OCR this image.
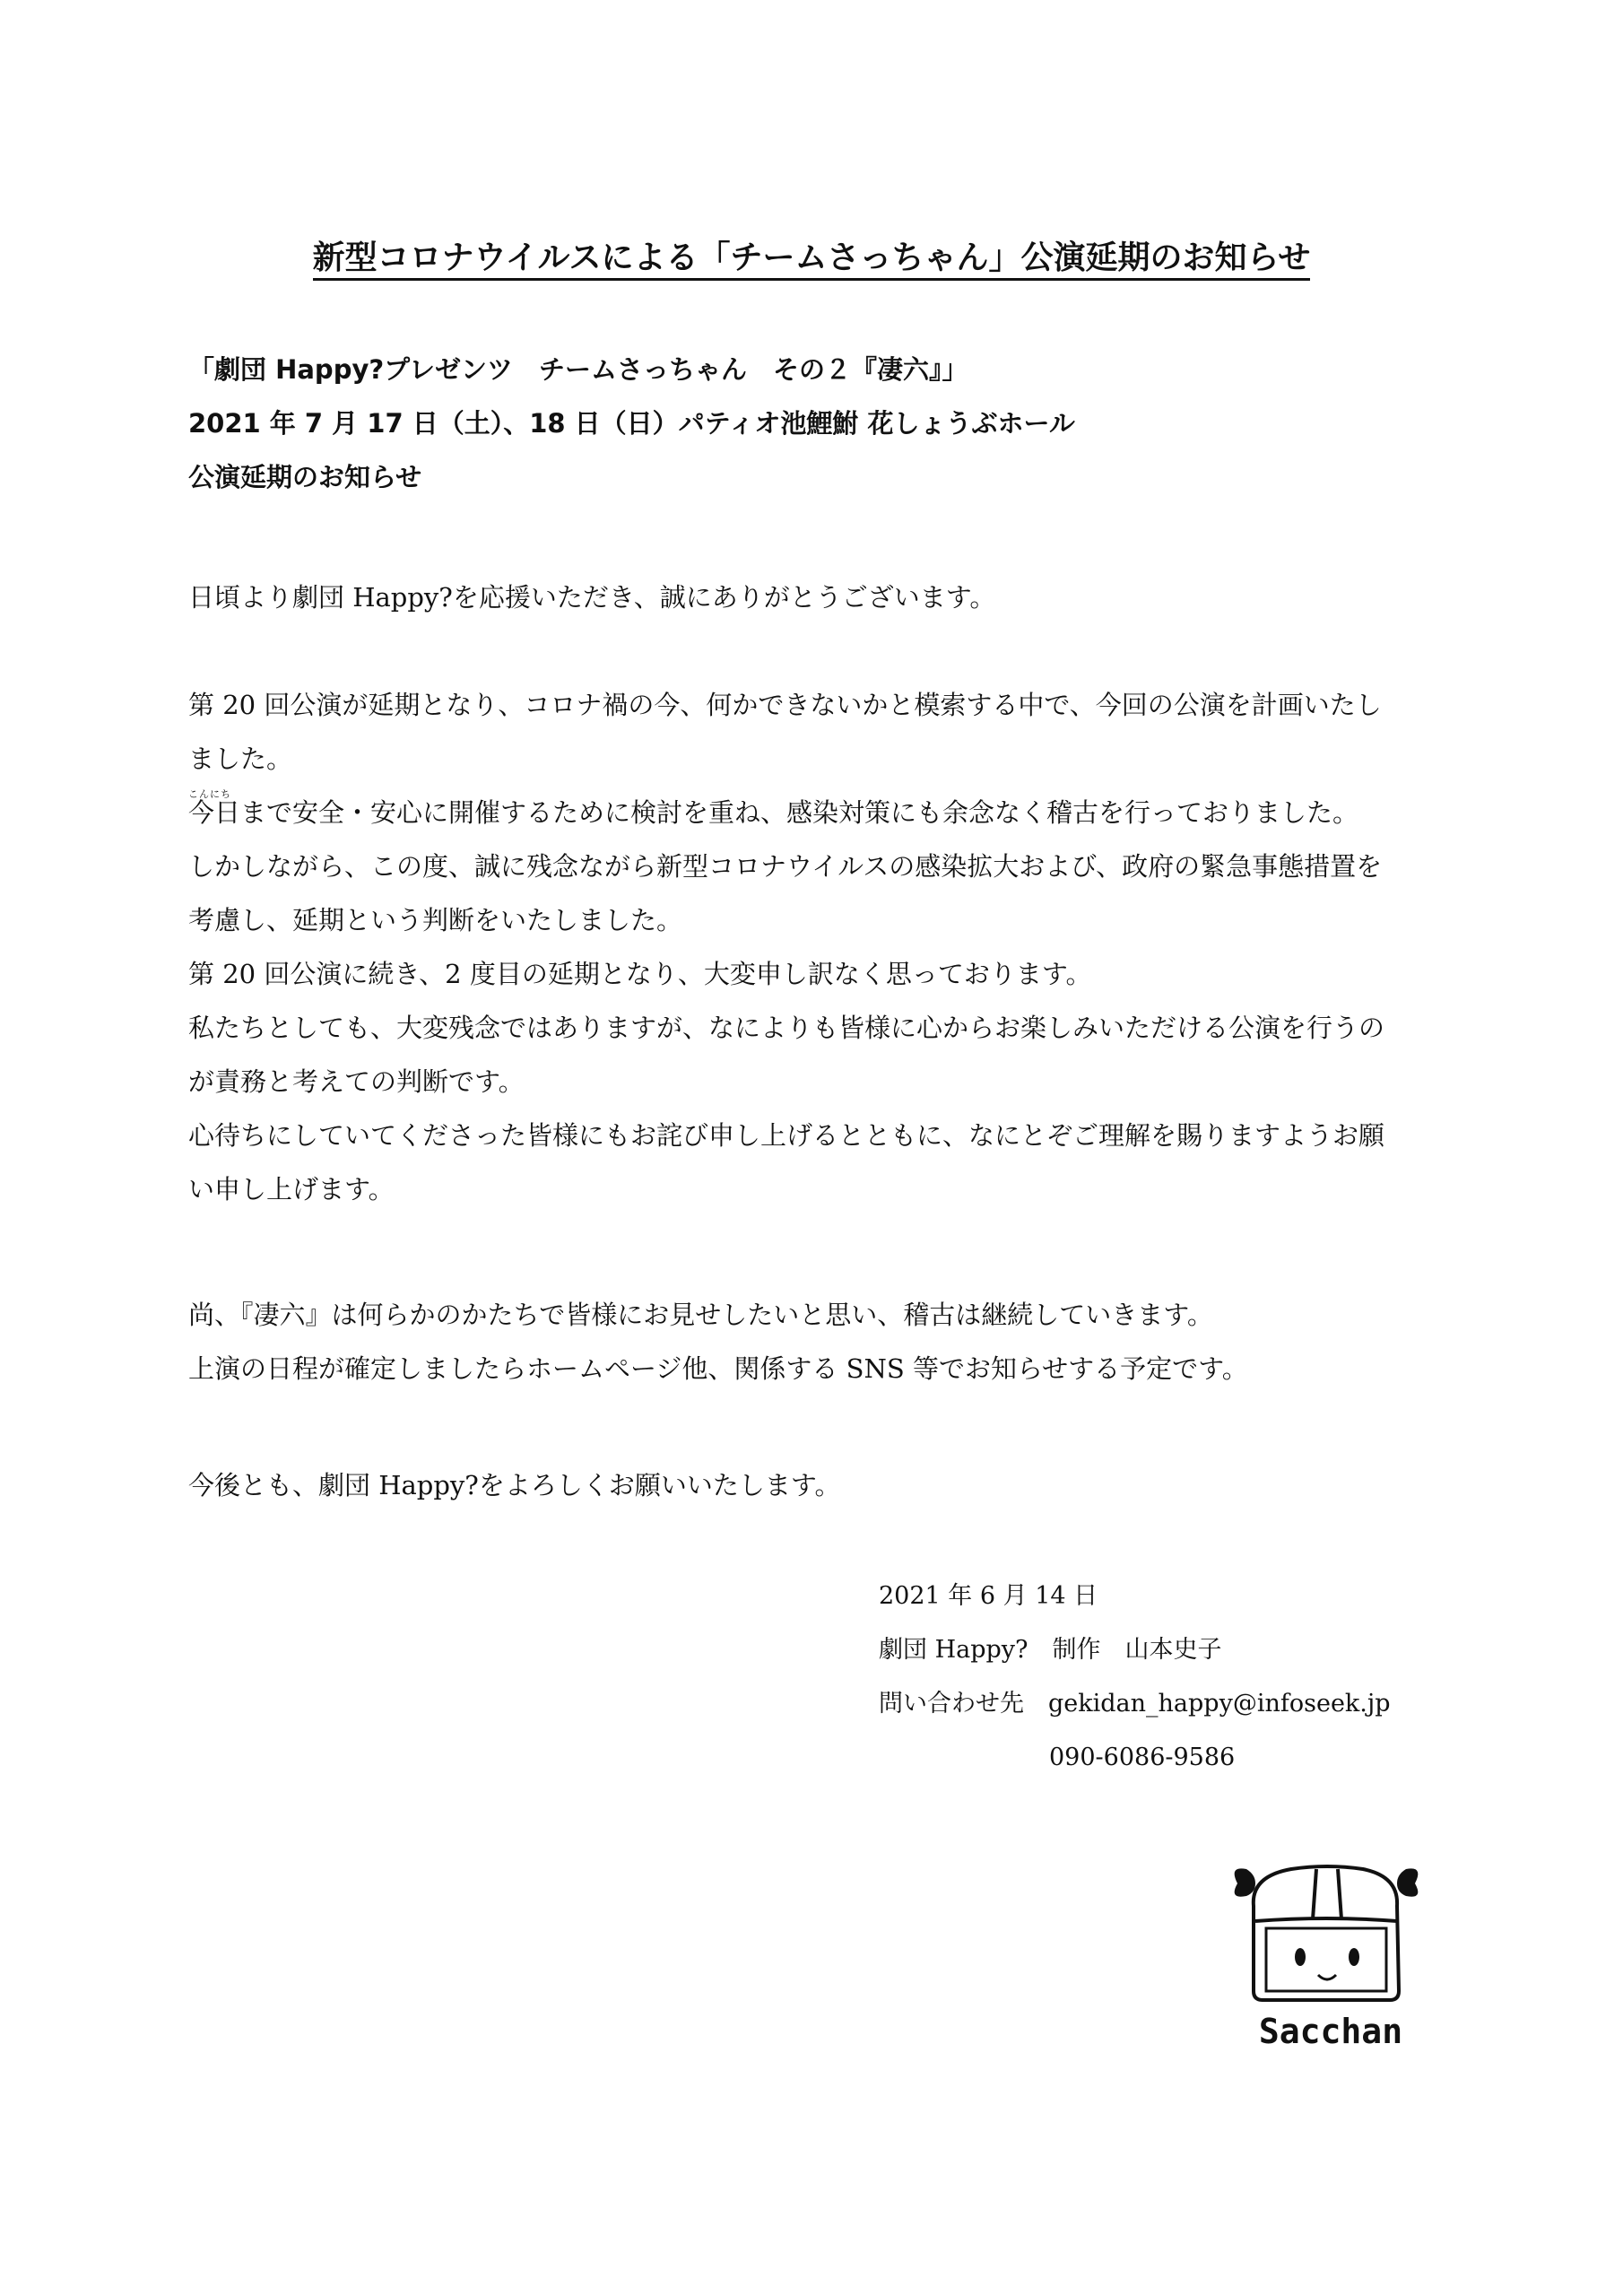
新型コロナウイルスによる「チームさっちゃん」公演延期のお知らせ
「劇団 Happy?プレゼンツ　チームさっちゃん　その２『凄六』」
2021 年 7 月 17 日（土）、18 日（日）パティオ池鯉鮒 花しょうぶホール
公演延期のお知らせ
日頃より劇団 Happy?を応援いただき、誠にありがとうございます。
第 20 回公演が延期となり、コロナ禍の今、何かできないかと模索する中で、今回の公演を計画いたし
ました。
こんにち
今日まで安全・安心に開催するために検討を重ね、感染対策にも余念なく稽古を行っておりました。
しかしながら、この度、誠に残念ながら新型コロナウイルスの感染拡大および、政府の緊急事態措置を
考慮し、延期という判断をいたしました。
第 20 回公演に続き、2 度目の延期となり、大変申し訳なく思っております。
私たちとしても、大変残念ではありますが、なによりも皆様に心からお楽しみいただける公演を行うの
が責務と考えての判断です。
心待ちにしていてくださった皆様にもお詫び申し上げるとともに、なにとぞご理解を賜りますようお願
い申し上げます。
尚、『凄六』は何らかのかたちで皆様にお見せしたいと思い、稽古は継続していきます。
上演の日程が確定しましたらホームページ他、関係する SNS 等でお知らせする予定です。
今後とも、劇団 Happy?をよろしくお願いいたします。
2021 年 6 月 14 日
劇団 Happy?　制作　山本史子
問い合わせ先　gekidan_happy@infoseek.jp
090-6086-9586
Sacchan
